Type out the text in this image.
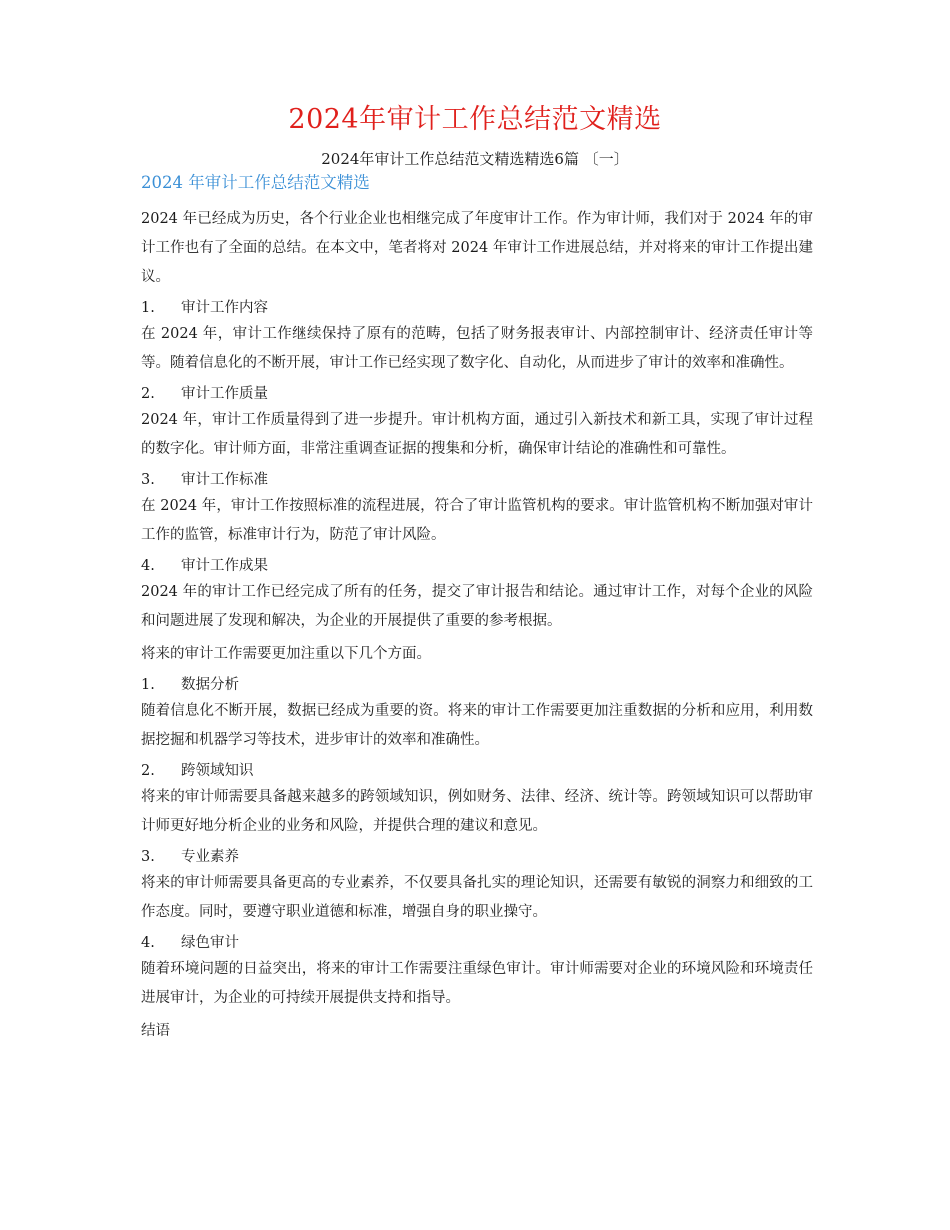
2024年审计工作总结范文精选
2024年审计工作总结范文精选精选6篇 〔一〕
2024 年审计工作总结范文精选

2024 年已经成为历史，各个行业企业也相继完成了年度审计工作。作为审计师，我们对于 2024 年的审计工作也有了全面的总结。在本文中，笔者将对 2024 年审计工作进展总结，并对将来的审计工作提出建议。

1. 审计工作内容

在 2024 年，审计工作继续保持了原有的范畴，包括了财务报表审计、内部控制审计、经济责任审计等等。随着信息化的不断开展，审计工作已经实现了数字化、自动化，从而进步了审计的效率和准确性。

2. 审计工作质量

2024 年，审计工作质量得到了进一步提升。审计机构方面，通过引入新技术和新工具，实现了审计过程的数字化。审计师方面，非常注重调查证据的搜集和分析，确保审计结论的准确性和可靠性。

3. 审计工作标准

在 2024 年，审计工作按照标准的流程进展，符合了审计监管机构的要求。审计监管机构不断加强对审计工作的监管，标准审计行为，防范了审计风险。

4. 审计工作成果

2024 年的审计工作已经完成了所有的任务，提交了审计报告和结论。通过审计工作，对每个企业的风险和问题进展了发现和解决，为企业的开展提供了重要的参考根据。

将来的审计工作需要更加注重以下几个方面。

1. 数据分析

随着信息化不断开展，数据已经成为重要的资。将来的审计工作需要更加注重数据的分析和应用，利用数据挖掘和机器学习等技术，进步审计的效率和准确性。

2. 跨领域知识

将来的审计师需要具备越来越多的跨领域知识，例如财务、法律、经济、统计等。跨领域知识可以帮助审计师更好地分析企业的业务和风险，并提供合理的建议和意见。

3. 专业素养

将来的审计师需要具备更高的专业素养，不仅要具备扎实的理论知识，还需要有敏锐的洞察力和细致的工作态度。同时，要遵守职业道德和标准，增强自身的职业操守。

4. 绿色审计

随着环境问题的日益突出，将来的审计工作需要注重绿色审计。审计师需要对企业的环境风险和环境责任进展审计，为企业的可持续开展提供支持和指导。

结语
